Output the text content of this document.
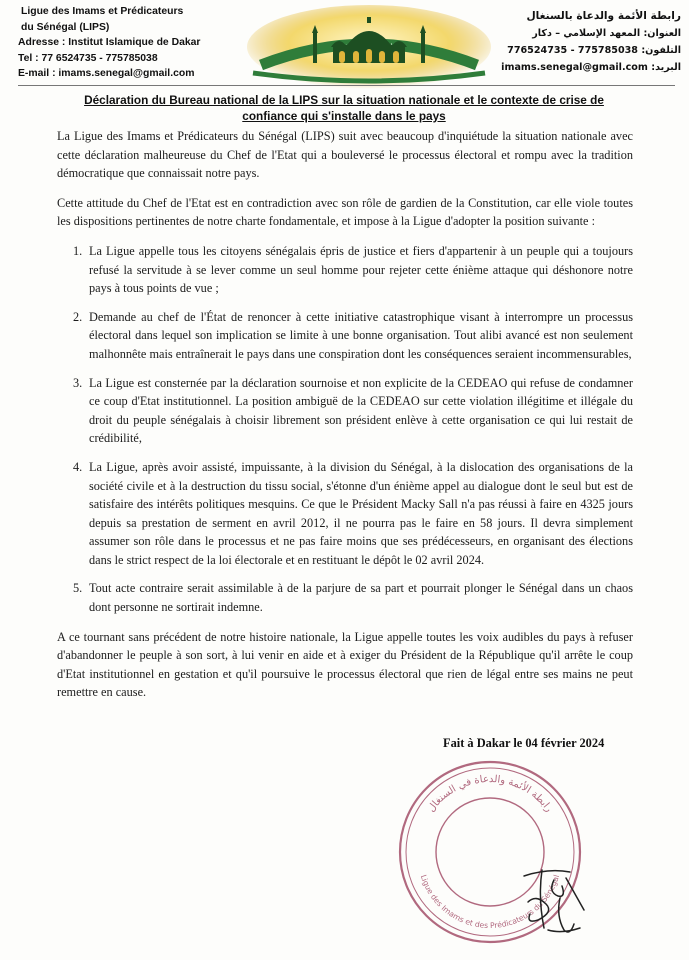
Ligue des Imams et Prédicateurs
du Sénégal (LIPS)
Adresse : Institut Islamique de Dakar
Tel : 77 6524735 - 775785038
E-mail : imams.senegal@gmail.com
رابطة الأئمة والدعاة بالسنغال
العنوان: المعهد الإسلامي – دكار
التلفون: 775785038 - 776524735
البريد: imams.senegal@gmail.com
Déclaration du Bureau national de la LIPS sur la situation nationale et le contexte de crise de confiance qui s'installe dans le pays

La Ligue des Imams et Prédicateurs du Sénégal (LIPS) suit avec beaucoup d'inquiétude la situation nationale avec cette déclaration malheureuse du Chef de l'Etat qui a bouleversé le processus électoral et rompu avec la tradition démocratique que connaissait notre pays.

Cette attitude du Chef de l'Etat est en contradiction avec son rôle de gardien de la Constitution, car elle viole toutes les dispositions pertinentes de notre charte fondamentale, et impose à la Ligue d'adopter la position suivante :

1. La Ligue appelle tous les citoyens sénégalais épris de justice et fiers d'appartenir à un peuple qui a toujours refusé la servitude à se lever comme un seul homme pour rejeter cette énième attaque qui déshonore notre pays à tous points de vue ;
2. Demande au chef de l'État de renoncer à cette initiative catastrophique visant à interrompre un processus électoral dans lequel son implication se limite à une bonne organisation. Tout alibi avancé est non seulement malhonnête mais entraînerait le pays dans une conspiration dont les conséquences seraient incommensurables,
3. La Ligue est consternée par la déclaration sournoise et non explicite de la CEDEAO qui refuse de condamner ce coup d'Etat institutionnel. La position ambiguë de la CEDEAO sur cette violation illégitime et illégale du droit du peuple sénégalais à choisir librement son président enlève à cette organisation ce qui lui restait de crédibilité,
4. La Ligue, après avoir assisté, impuissante, à la division du Sénégal, à la dislocation des organisations de la société civile et à la destruction du tissu social, s'étonne d'un énième appel au dialogue dont le seul but est de satisfaire des intérêts politiques mesquins. Ce que le Président Macky Sall n'a pas réussi à faire en 4325 jours depuis sa prestation de serment en avril 2012, il ne pourra pas le faire en 58 jours. Il devra simplement assumer son rôle dans le processus et ne pas faire moins que ses prédécesseurs, en organisant des élections dans le strict respect de la loi électorale et en restituant le dépôt le 02 avril 2024.
5. Tout acte contraire serait assimilable à de la parjure de sa part et pourrait plonger le Sénégal dans un chaos dont personne ne sortirait indemne.

A ce tournant sans précédent de notre histoire nationale, la Ligue appelle toutes les voix audibles du pays à refuser d'abandonner le peuple à son sort, à lui venir en aide et à exiger du Président de la République qu'il arrête le coup d'Etat institutionnel en gestation et qu'il poursuive le processus électoral que rien de légal entre ses mains ne peut remettre en cause.

Fait à Dakar le 04 février 2024
رابطة الأئمة والدعاة في السنغال
Ligue des Imams et des Prédicateurs du Sénégal
